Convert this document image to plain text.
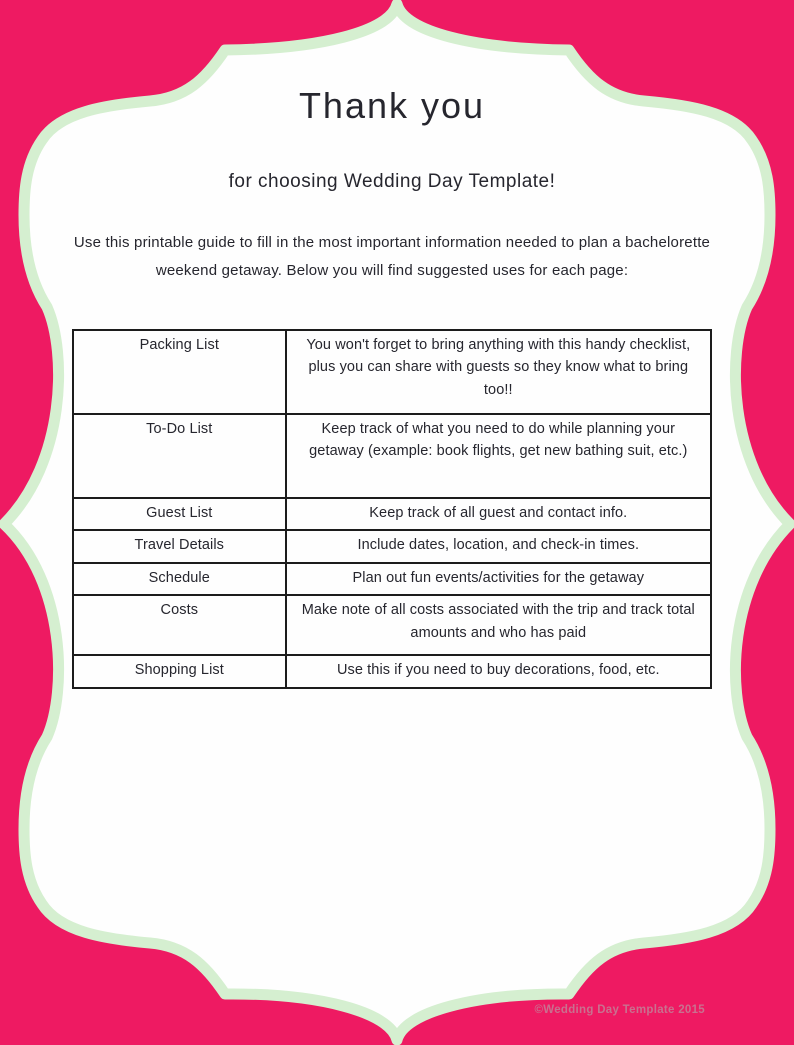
Thank you
for choosing Wedding Day Template!

Use this printable guide to fill in the most important information needed to plan a bachelorette weekend getaway. Below you will find suggested uses for each page:

Packing List	You won't forget to bring anything with this handy checklist, plus you can share with guests so they know what to bring too!!
To-Do List	Keep track of what you need to do while planning your getaway (example: book flights, get new bathing suit, etc.)
Guest List	Keep track of all guest and contact info.
Travel Details	Include dates, location, and check-in times.
Schedule	Plan out fun events/activities for the getaway
Costs	Make note of all costs associated with the trip and track total amounts and who has paid
Shopping List	Use this if you need to buy decorations, food, etc.
©Wedding Day Template 2015
